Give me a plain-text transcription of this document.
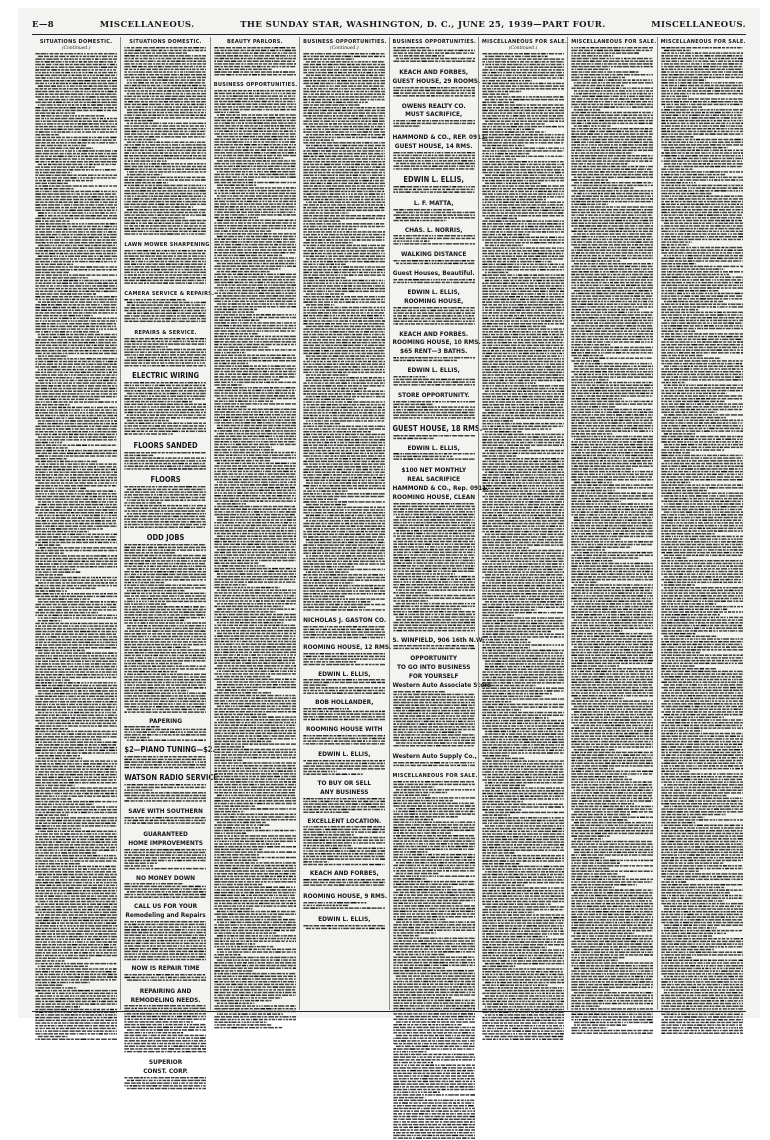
E—8	MISCELLANEOUS.	THE SUNDAY STAR, WASHINGTON, D. C., JUNE 25, 1939—PART FOUR.	MISCELLANEOUS.
SITUATIONS DOMESTIC.
(Continued.)
SITUATIONS DOMESTIC.
LAWN MOWER SHARPENING.
CAMERA SERVICE & REPAIRS.
REPAIRS & SERVICE.
ELECTRIC WIRING
FLOORS SANDED
FLOORS
ODD JOBS
PAPERING
$2—PIANO TUNING—$2.
WATSON RADIO SERVICE
SAVE WITH SOUTHERN
GUARANTEED
HOME IMPROVEMENTS
NO MONEY DOWN
CALL US FOR YOUR
Remodeling and Repairs
NOW IS REPAIR TIME
REPAIRING AND
REMODELING NEEDS.
SUPERIOR
CONST. CORP.
BEAUTY PARLORS.
BUSINESS OPPORTUNITIES.
BUSINESS OPPORTUNITIES.
(Continued.)
NICHOLAS J. GASTON CO.
ROOMING HOUSE, 12 RMS.
EDWIN L. ELLIS,
BOB HOLLANDER,
ROOMING HOUSE WITH
EDWIN L. ELLIS,
TO BUY OR SELL
ANY BUSINESS
EXCELLENT LOCATION.
KEACH AND FORBES,
ROOMING HOUSE, 9 RMS.
EDWIN L. ELLIS,
BUSINESS OPPORTUNITIES.
KEACH AND FORBES,
GUEST HOUSE, 29 ROOMS.
OWENS REALTY CO.
MUST SACRIFICE,
HAMMOND & CO., REP. 0911.
GUEST HOUSE, 14 RMS.
EDWIN L. ELLIS,
L. F. MATTA,
CHAS. L. NORRIS,
WALKING DISTANCE
Guest Houses, Beautiful.
EDWIN L. ELLIS,
ROOMING HOUSE,
KEACH AND FORBES.
ROOMING HOUSE, 10 RMS.
$65 RENT—3 BATHS.
EDWIN L. ELLIS,
STORE OPPORTUNITY.
GUEST HOUSE, 18 RMS.
EDWIN L. ELLIS,
$100 NET MONTHLY
REAL SACRIFICE
HAMMOND & CO., Rep. 0911.
ROOMING HOUSE, CLEAN
S. WINFIELD, 906 16th N.W.
OPPORTUNITY
TO GO INTO BUSINESS
FOR YOURSELF
Western Auto Associate Store
Western Auto Supply Co.,
MISCELLANEOUS FOR SALE.
MISCELLANEOUS FOR SALE.
(Continued.)
MISCELLANEOUS FOR SALE. MISCELLANEOUS FOR SALE.
